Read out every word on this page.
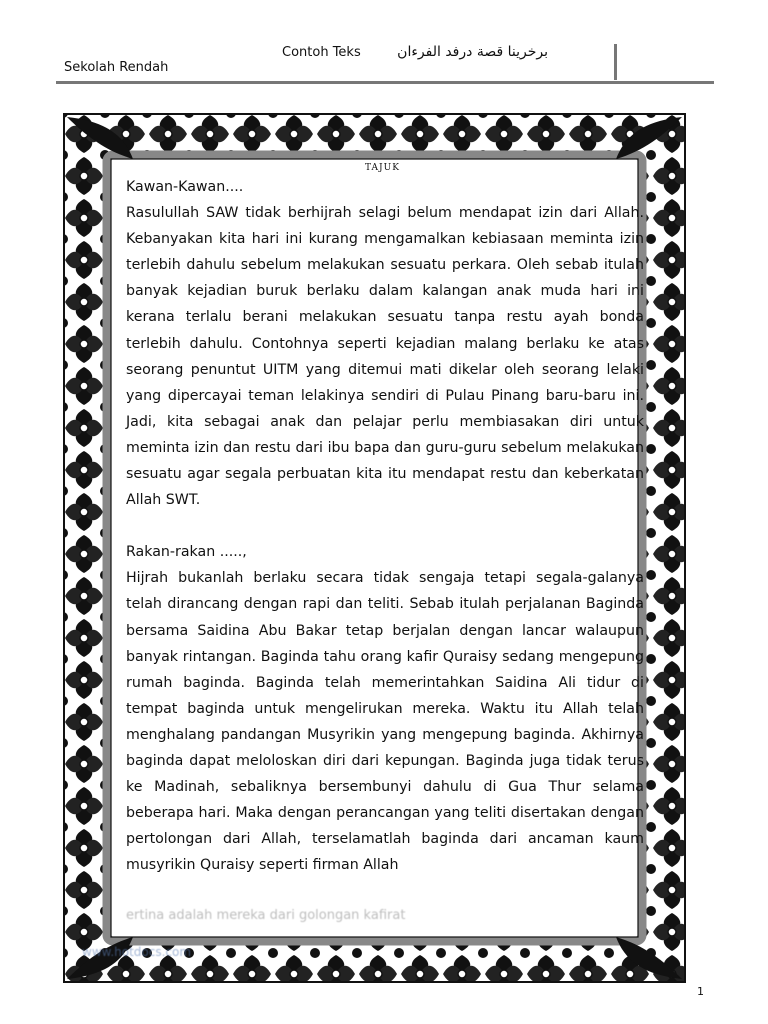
Sekolah Rendah
Contoh Teks	برخرينا قصة درفد الفرءان
TAJUK

Kawan-Kawan....

Rasulullah SAW tidak berhijrah selagi belum mendapat izin dari Allah. Kebanyakan kita hari ini kurang mengamalkan kebiasaan meminta izin terlebih dahulu sebelum melakukan sesuatu perkara. Oleh sebab itulah banyak kejadian buruk berlaku dalam kalangan anak muda hari ini kerana terlalu berani melakukan sesuatu tanpa restu ayah bonda terlebih dahulu. Contohnya seperti kejadian malang berlaku ke atas seorang penuntut UITM yang ditemui mati dikelar oleh seorang lelaki yang dipercayai teman lelakinya sendiri di Pulau Pinang baru-baru ini. Jadi, kita sebagai anak dan pelajar perlu membiasakan diri untuk meminta izin dan restu dari ibu bapa dan guru-guru sebelum melakukan sesuatu agar segala perbuatan kita itu mendapat restu dan keberkatan Allah SWT.

Rakan-rakan .....,

Hijrah bukanlah berlaku secara tidak sengaja tetapi segala-galanya telah dirancang dengan rapi dan teliti. Sebab itulah perjalanan Baginda bersama Saidina Abu Bakar tetap berjalan dengan lancar walaupun banyak rintangan. Baginda tahu orang kafir Quraisy sedang mengepung rumah baginda. Baginda telah memerintahkan Saidina Ali tidur di tempat baginda untuk mengelirukan mereka. Waktu itu Allah telah menghalang pandangan Musyrikin yang mengepung baginda. Akhirnya baginda dapat meloloskan diri dari kepungan. Baginda juga tidak terus ke Madinah, sebaliknya bersembunyi dahulu di Gua Thur selama beberapa hari. Maka dengan perancangan yang teliti disertakan dengan pertolongan dari Allah, terselamatlah baginda dari ancaman kaum musyrikin Quraisy seperti firman Allah

ertina adalah mereka dari golongan kafirat
www.hotdocs.com
1
